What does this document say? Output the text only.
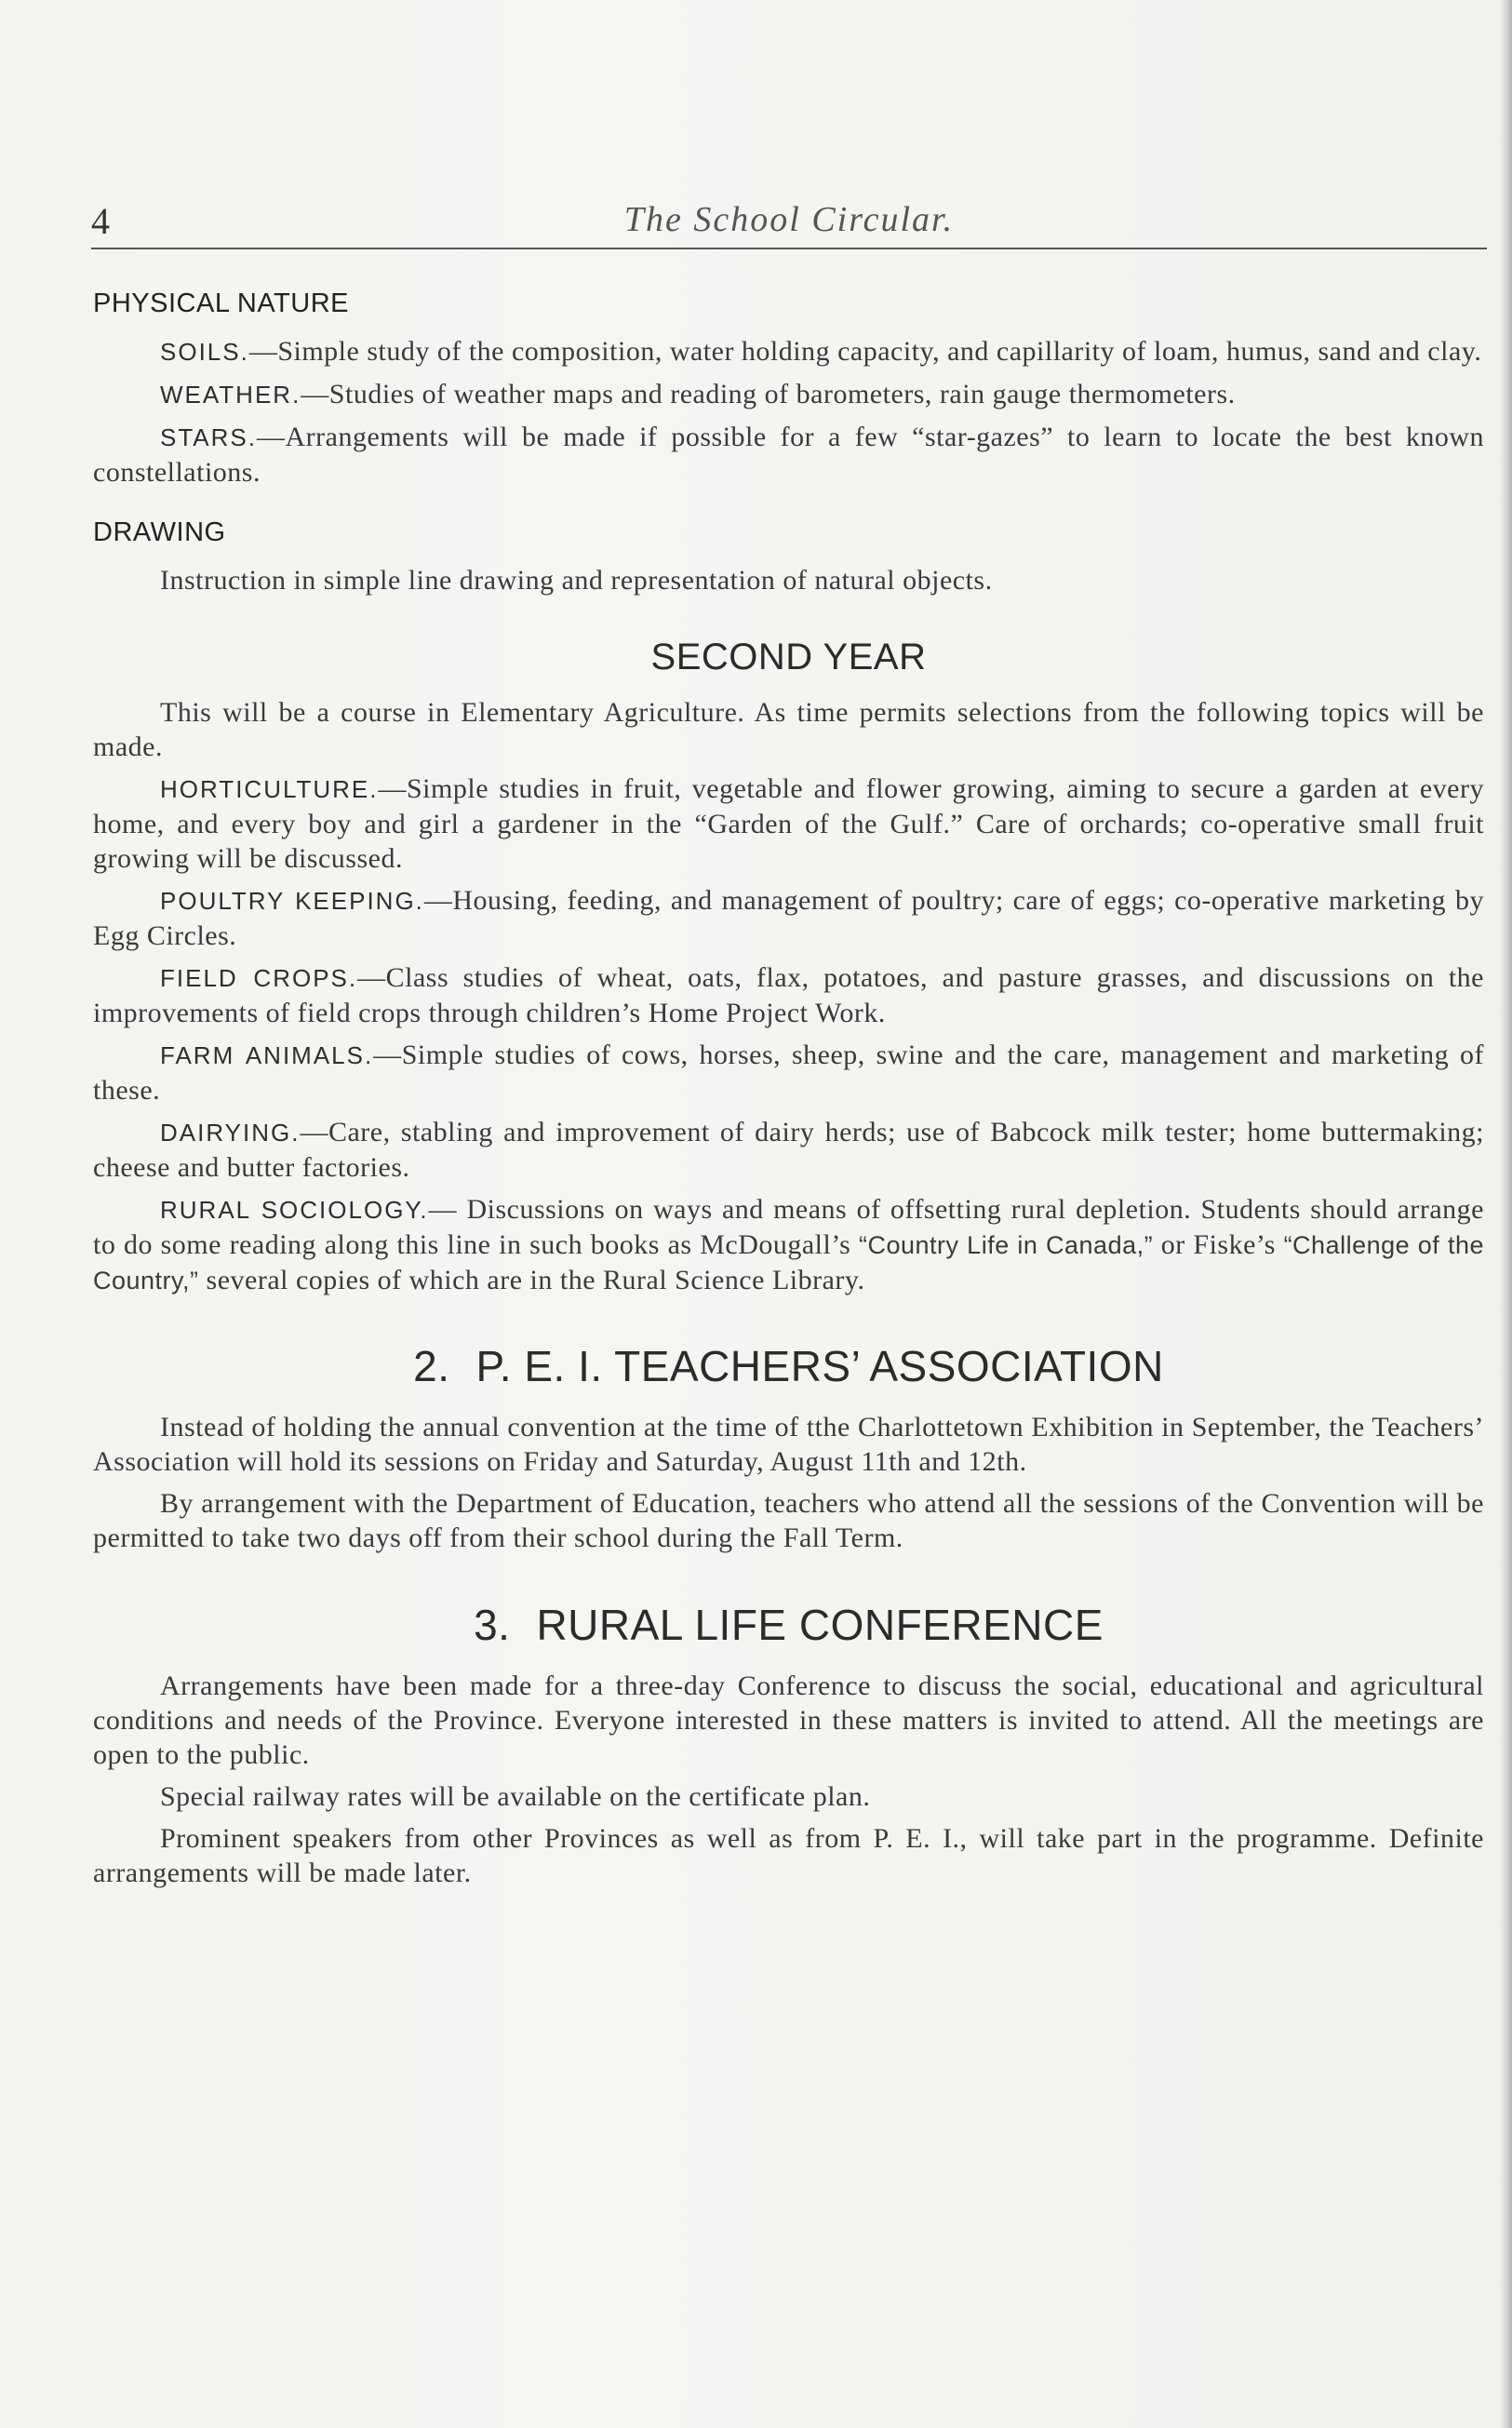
4	The School Circular.
PHYSICAL NATURE

SOILS.—Simple study of the composition, water holding capacity, and capillarity of loam, humus, sand and clay.

WEATHER.—Studies of weather maps and reading of barometers, rain gauge thermometers.

STARS.—Arrangements will be made if possible for a few “star-gazes” to learn to locate the best known constellations.

DRAWING

Instruction in simple line drawing and representation of natural objects.

SECOND YEAR

This will be a course in Elementary Agriculture. As time permits selections from the following topics will be made.

HORTICULTURE.—Simple studies in fruit, vegetable and flower growing, aiming to secure a garden at every home, and every boy and girl a gardener in the “Garden of the Gulf.” Care of orchards; co-operative small fruit growing will be discussed.

POULTRY KEEPING.—Housing, feeding, and management of poultry; care of eggs; co-operative marketing by Egg Circles.

FIELD CROPS.—Class studies of wheat, oats, flax, potatoes, and pasture grasses, and discussions on the improvements of field crops through children’s Home Project Work.

FARM ANIMALS.—Simple studies of cows, horses, sheep, swine and the care, management and marketing of these.

DAIRYING.—Care, stabling and improvement of dairy herds; use of Babcock milk tester; home buttermaking; cheese and butter factories.

RURAL SOCIOLOGY.— Discussions on ways and means of offsetting rural depletion. Students should arrange to do some reading along this line in such books as McDougall’s “Country Life in Canada,” or Fiske’s “Challenge of the Country,” several copies of which are in the Rural Science Library.

2. P. E. I. TEACHERS’ ASSOCIATION

Instead of holding the annual convention at the time of tthe Charlottetown Exhibition in September, the Teachers’ Association will hold its sessions on Friday and Saturday, August 11th and 12th.

By arrangement with the Department of Education, teachers who attend all the sessions of the Convention will be permitted to take two days off from their school during the Fall Term.

3. RURAL LIFE CONFERENCE

Arrangements have been made for a three-day Conference to discuss the social, educational and agricultural conditions and needs of the Province. Everyone interested in these matters is invited to attend. All the meetings are open to the public.

Special railway rates will be available on the certificate plan.

Prominent speakers from other Provinces as well as from P. E. I., will take part in the programme. Definite arrangements will be made later.
